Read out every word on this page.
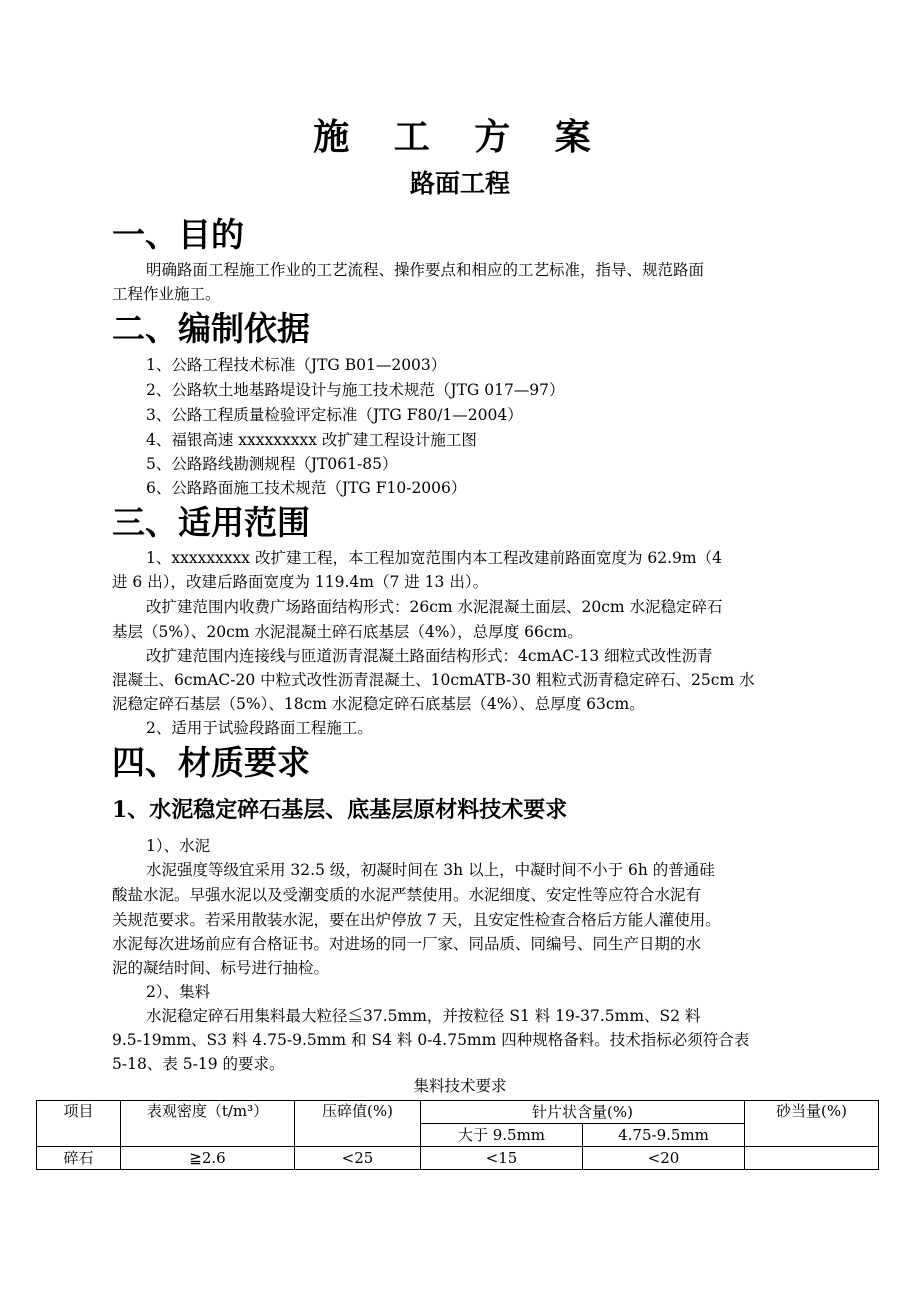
施 工 方 案
路面工程
一、目的
明确路面工程施工作业的工艺流程、操作要点和相应的工艺标准，指导、规范路面
工程作业施工。
二、编制依据
1、公路工程技术标准（JTG B01—2003）
2、公路软土地基路堤设计与施工技术规范（JTG 017—97）
3、公路工程质量检验评定标准（JTG F80/1—2004）
4、福银高速 xxxxxxxxx 改扩建工程设计施工图
5、公路路线勘测规程（JT061-85）
6、公路路面施工技术规范（JTG F10-2006）
三、适用范围
1、xxxxxxxxx 改扩建工程，本工程加宽范围内本工程改建前路面宽度为 62.9m（4
进 6 出），改建后路面宽度为 119.4m（7 进 13 出）。
改扩建范围内收费广场路面结构形式：26cm 水泥混凝土面层、20cm 水泥稳定碎石
基层（5%）、20cm 水泥混凝土碎石底基层（4%），总厚度 66cm。
改扩建范围内连接线与匝道沥青混凝土路面结构形式：4cmAC-13 细粒式改性沥青
混凝土、6cmAC-20 中粒式改性沥青混凝土、10cmATB-30 粗粒式沥青稳定碎石、25cm 水
泥稳定碎石基层（5%）、18cm 水泥稳定碎石底基层（4%）、总厚度 63cm。
2、适用于试验段路面工程施工。
四、材质要求
1、水泥稳定碎石基层、底基层原材料技术要求
1）、水泥
水泥强度等级宜采用 32.5 级，初凝时间在 3h 以上，中凝时间不小于 6h 的普通硅
酸盐水泥。早强水泥以及受潮变质的水泥严禁使用。水泥细度、安定性等应符合水泥有
关规范要求。若采用散装水泥，要在出炉停放 7 天，且安定性检查合格后方能人灌使用。
水泥每次进场前应有合格证书。对进场的同一厂家、同品质、同编号、同生产日期的水
泥的凝结时间、标号进行抽检。
2）、集料
水泥稳定碎石用集料最大粒径≦37.5mm，并按粒径 S1 料 19-37.5mm、S2 料
9.5-19mm、S3 料 4.75-9.5mm 和 S4 料 0-4.75mm 四种规格备料。技术指标必须符合表
5-18、表 5-19 的要求。
集料技术要求
项目	表观密度（t/m³）	压碎值(%)	针片状含量(%)		砂当量(%)
			大于 9.5mm	4.75-9.5mm	
碎石	≧2.6	<25	<15	<20	
